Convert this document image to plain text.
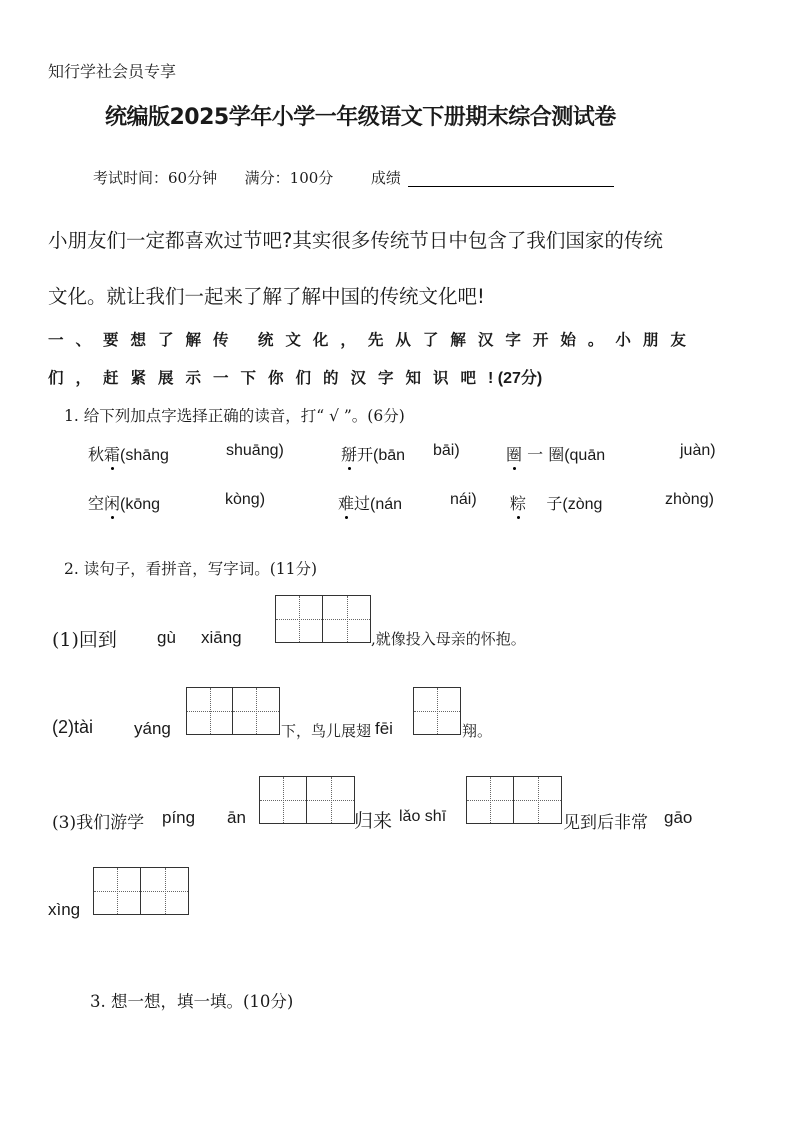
知行学社会员专享
统编版2025学年小学一年级语文下册期末综合测试卷
考试时间：60分钟 满分：100分	成绩
小朋友们一定都喜欢过节吧?其实很多传统节日中包含了我们国家的传统
文化。就让我们一起来了解了解中国的传统文化吧!
一、要想了解传 统文化，先从了解汉字开始。小朋友
们，赶紧展示一下你们的汉字知识吧! (27分)
1. 给下列加点字选择正确的读音，打“ √ ”。(6分)
秋霜(shāng	shuāng)	掰开(bān bāi)	圈 一 圈(quān	juàn)
空闲(kōng	kòng)	难过(nán	nái) 粽    子(zòng	zhòng)
2. 读句子，看拼音，写字词。(11分)
(1)回到 gù xiāng	,就像投入母亲的怀抱。
(2)tài yáng	下，鸟儿展翅 fēi	翔。
(3)我们游学 píng ān	归来 lǎo shī	见到后非常 gāo
xìng
3. 想一想，填一填。(10分)
